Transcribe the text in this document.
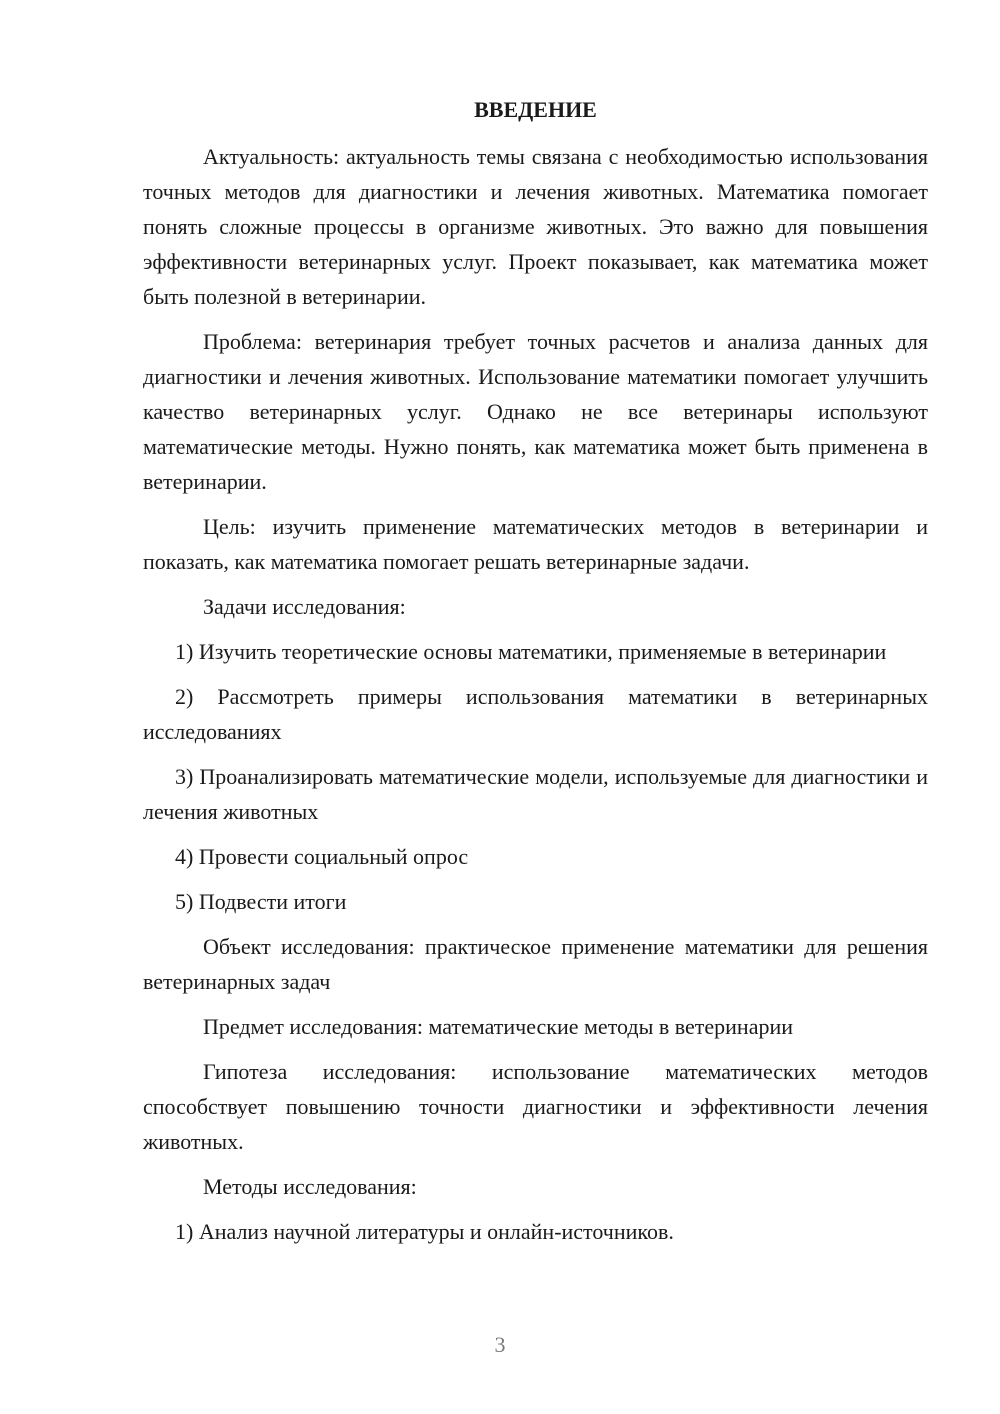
ВВЕДЕНИЕ

Актуальность: актуальность темы связана с необходимостью использования точных методов для диагностики и лечения животных. Математика помогает понять сложные процессы в организме животных. Это важно для повышения эффективности ветеринарных услуг. Проект показывает, как математика может быть полезной в ветеринарии.

Проблема: ветеринария требует точных расчетов и анализа данных для диагностики и лечения животных. Использование математики помогает улучшить качество ветеринарных услуг. Однако не все ветеринары используют математические методы. Нужно понять, как математика может быть применена в ветеринарии.

Цель: изучить применение математических методов в ветеринарии и показать, как математика помогает решать ветеринарные задачи.

Задачи исследования:

1) Изучить теоретические основы математики, применяемые в ветеринарии

2) Рассмотреть примеры использования математики в ветеринарных исследованиях

3) Проанализировать математические модели, используемые для диагностики и лечения животных

4) Провести социальный опрос

5) Подвести итоги

Объект исследования: практическое применение математики для решения ветеринарных задач

Предмет исследования: математические методы в ветеринарии

Гипотеза исследования: использование математических методов способствует повышению точности диагностики и эффективности лечения животных.

Методы исследования:

1) Анализ научной литературы и онлайн-источников.

3
